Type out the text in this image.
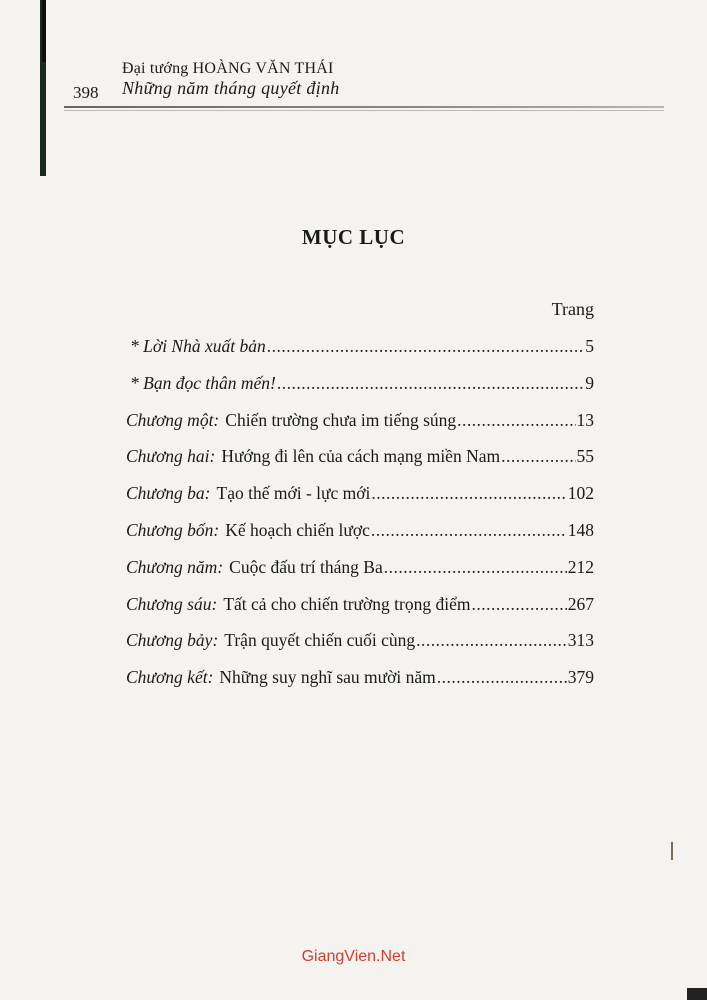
398
Đại tướng HOÀNG VĂN THÁI
Những năm tháng quyết định
MỤC LỤC
Trang
* Lời Nhà xuất bản .....	5
* Bạn đọc thân mến! .....	9
Chương một: Chiến trường chưa im tiếng súng .....	13
Chương hai: Hướng đi lên của cách mạng miền Nam .....	55
Chương ba: Tạo thế mới - lực mới .....	102
Chương bốn: Kế hoạch chiến lược .....	148
Chương năm: Cuộc đấu trí tháng Ba .....	212
Chương sáu: Tất cả cho chiến trường trọng điểm .....	267
Chương bảy: Trận quyết chiến cuối cùng .....	313
Chương kết: Những suy nghĩ sau mười năm .....	379
GiangVien.Net
